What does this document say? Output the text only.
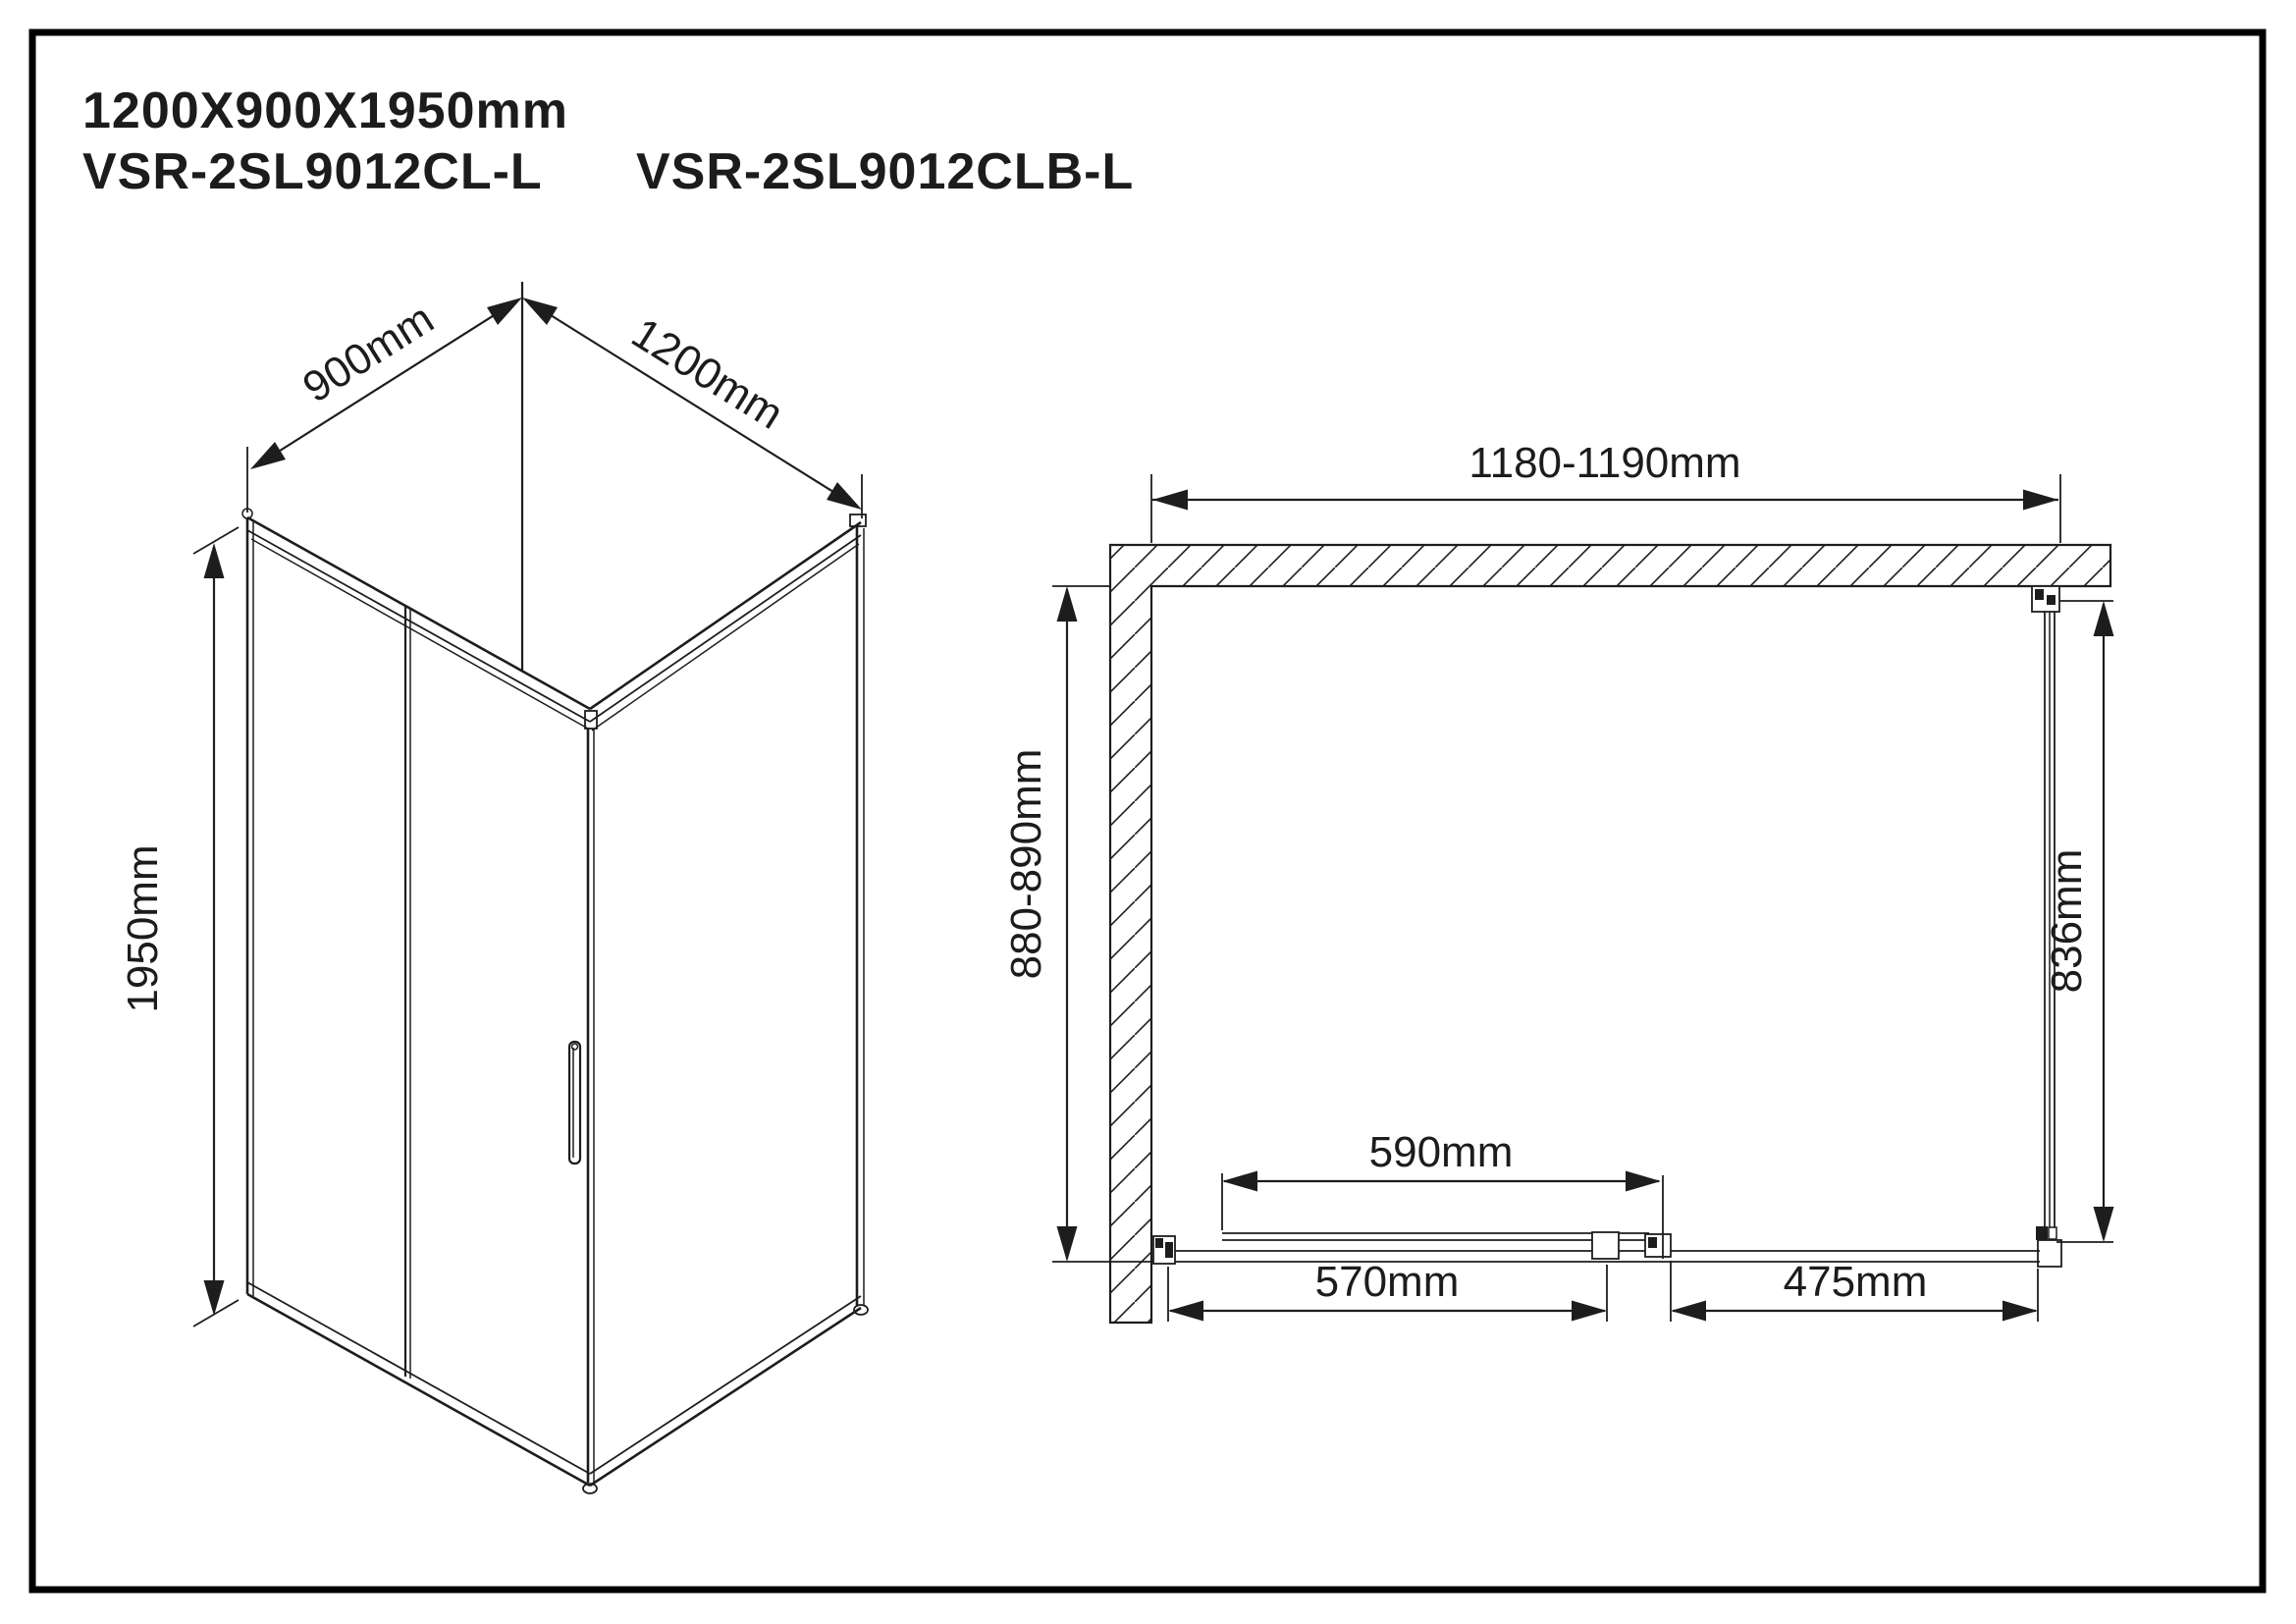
1200X900X1950mm
VSR-2SL9012CL-L VSR-2SL9012CLB-L
900mm	1200mm
1950mm
1180-1190mm
880-890mm	836mm
590mm
570mm	475mm
